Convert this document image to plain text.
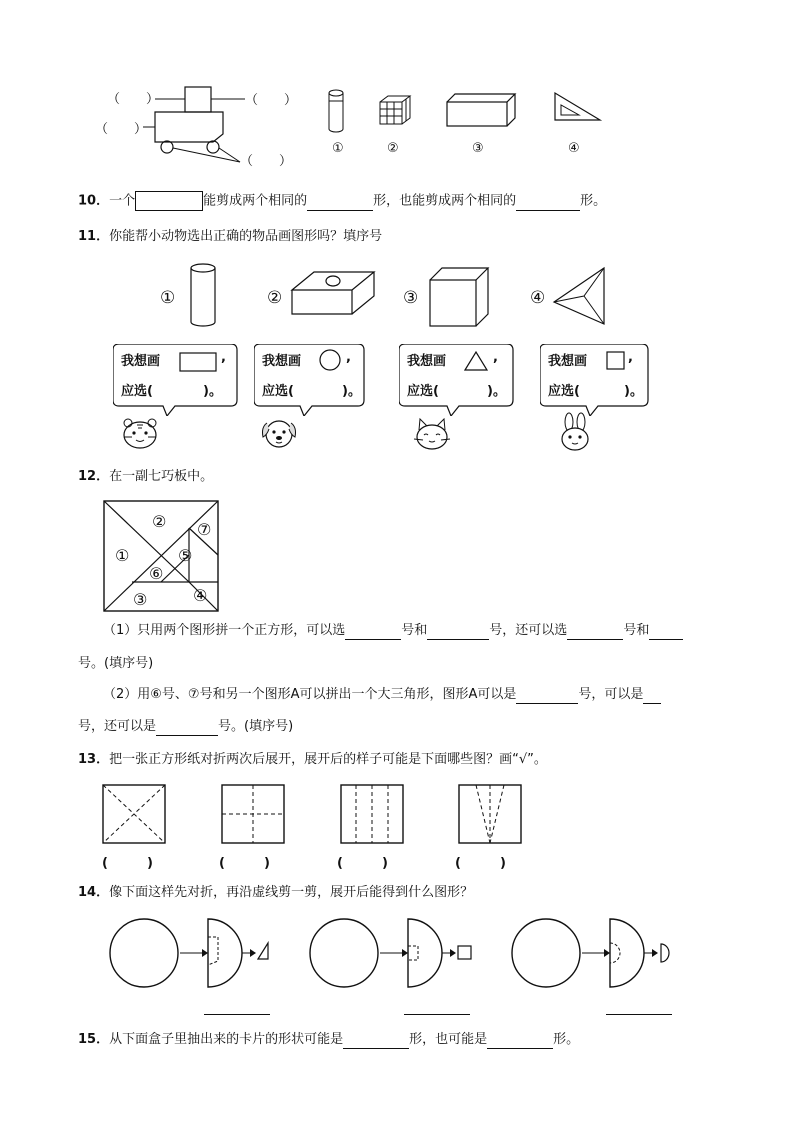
（　　）	（　　）
（　　）
（　　）
①	②	③	④
10．一个	能剪成两个相同的	形，也能剪成两个相同的	形。
11．你能帮小动物选出正确的物品画图形吗？填序号
①	②	③	④
我想画	,
应选(	)。
我想画	,
应选(	)。
我想画	,
应选(	)。
我想画	,
应选(	)。
12．在一副七巧板中。
② ⑦
①	⑤
⑥
③	④
（1）只用两个图形拼一个正方形，可以选	号和	号，还可以选	号和
号。(填序号)
（2）用⑥号、⑦号和另一个图形A可以拼出一个大三角形，图形A可以是	号，可以是
号，还可以是	号。(填序号)
13．把一张正方形纸对折两次后展开，展开后的样子可能是下面哪些图？画“√”。
(　　　)	(　　　)	(　　　)	(　　　)
14．像下面这样先对折，再沿虚线剪一剪，展开后能得到什么图形？
15．从下面盒子里抽出来的卡片的形状可能是	形，也可能是	形。
